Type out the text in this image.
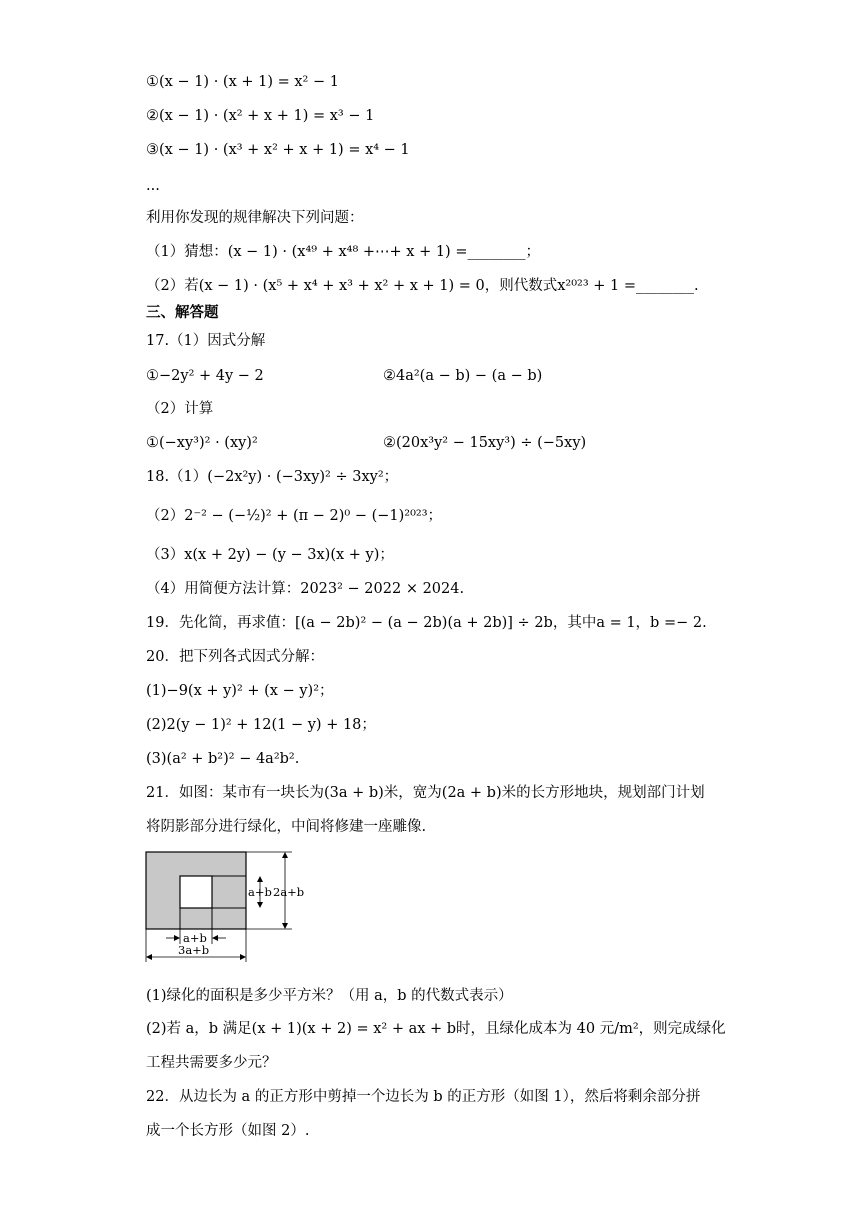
①(x − 1) · (x + 1) = x² − 1
②(x − 1) · (x² + x + 1) = x³ − 1
③(x − 1) · (x³ + x² + x + 1) = x⁴ − 1
...
利用你发现的规律解决下列问题：
（1）猜想：(x − 1) · (x⁴⁹ + x⁴⁸ +⋯+ x + 1) =________；
（2）若(x − 1) · (x⁵ + x⁴ + x³ + x² + x + 1) = 0，则代数式x²⁰²³ + 1 =________.
三、解答题
17.（1）因式分解
①−2y² + 4y − 2	②4a²(a − b) − (a − b)
（2）计算
①(−xy³)² · (xy)²	②(20x³y² − 15xy³) ÷ (−5xy)
18.（1）(−2x²y) · (−3xy)² ÷ 3xy²；
（2）2⁻² − (−½)² + (π − 2)⁰ − (−1)²⁰²³；
（3）x(x + 2y) − (y − 3x)(x + y)；
（4）用简便方法计算：2023² − 2022 × 2024.
19．先化简，再求值：[(a − 2b)² − (a − 2b)(a + 2b)] ÷ 2b，其中a = 1，b =− 2.
20．把下列各式因式分解：
(1)−9(x + y)² + (x − y)²；
(2)2(y − 1)² + 12(1 − y) + 18；
(3)(a² + b²)² − 4a²b².
21．如图：某市有一块长为(3a + b)米，宽为(2a + b)米的长方形地块，规划部门计划
将阴影部分进行绿化，中间将修建一座雕像.
a+b 2a+b
a+b
3a+b
(1)绿化的面积是多少平方米？（用 a，b 的代数式表示）
(2)若 a，b 满足(x + 1)(x + 2) = x² + ax + b时，且绿化成本为 40 元/m²，则完成绿化
工程共需要多少元？
22．从边长为 a 的正方形中剪掉一个边长为 b 的正方形（如图 1），然后将剩余部分拼
成一个长方形（如图 2）.
